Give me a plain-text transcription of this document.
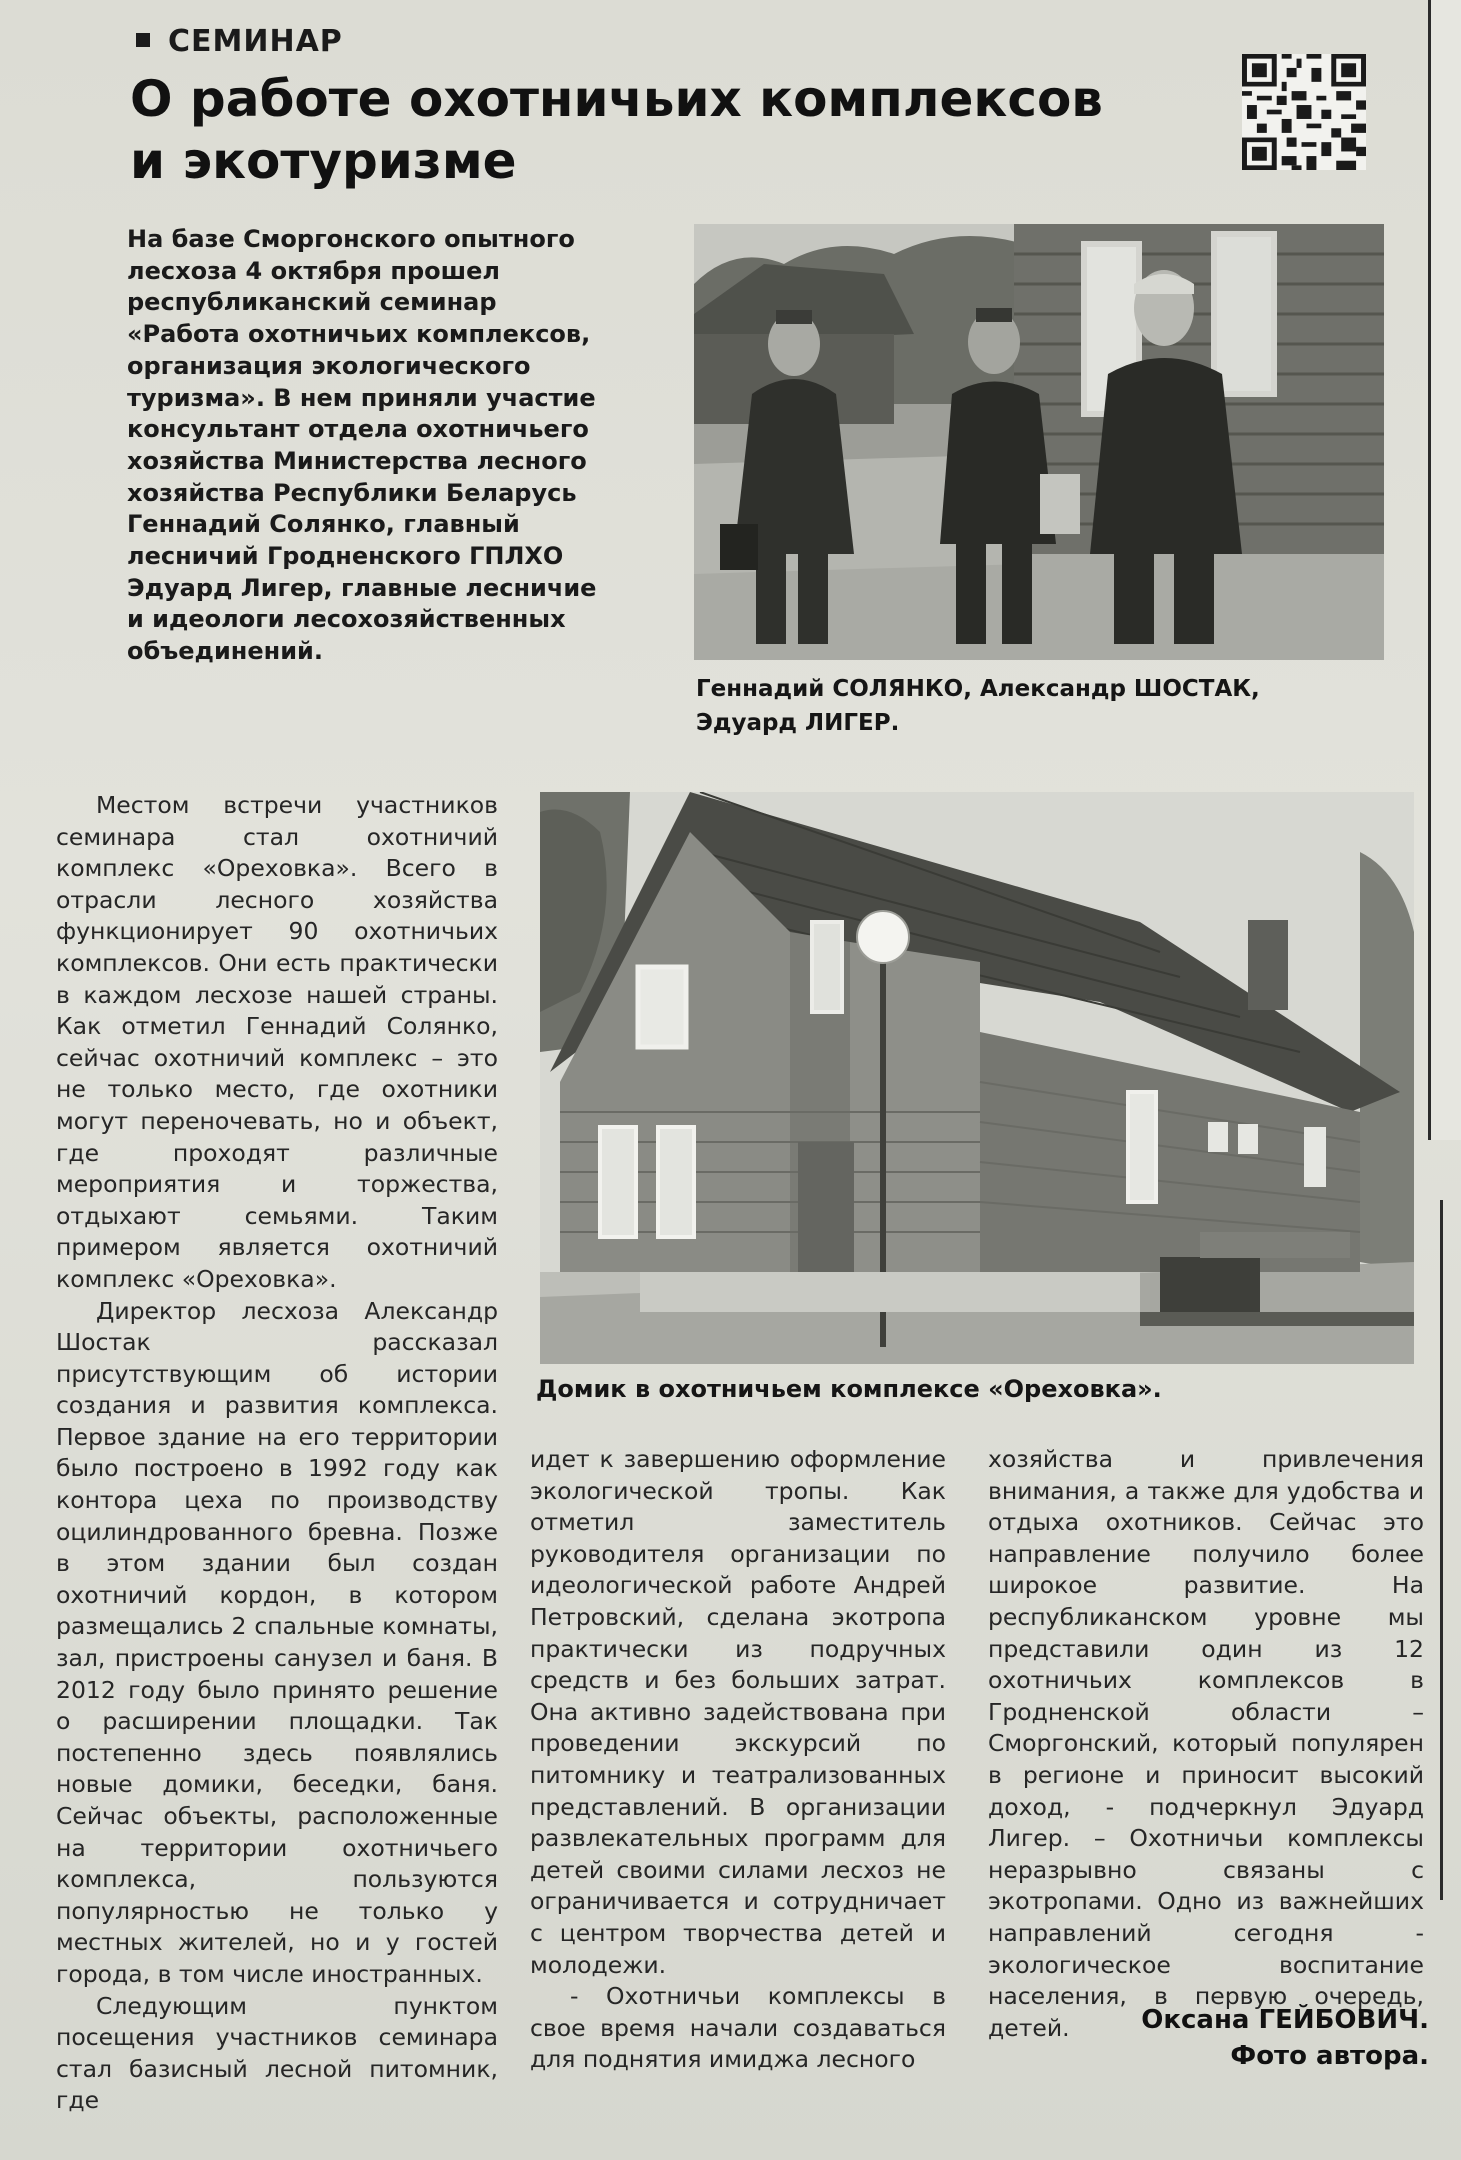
СЕМИНАР
О работе охотничьих комплексов
и экотуризме
На базе Сморгонского опытного лесхоза 4 октября прошел республиканский семинар «Работа охотничьих комплексов, организация экологического туризма». В нем приняли участие консультант отдела охотничьего хозяйства Министерства лесного хозяйства Республики Беларусь Геннадий Солянко, главный лесничий Гродненского ГПЛХО Эдуард Лигер, главные лесничие и идеологи лесохозяйственных объединений.
Геннадий СОЛЯНКО, Александр ШОСТАК, Эдуард ЛИГЕР.
Домик в охотничьем комплексе «Ореховка».

Местом встречи участников семинара стал охотничий комплекс «Ореховка». Всего в отрасли лесного хозяйства функционирует 90 охотничьих комплексов. Они есть практически в каждом лесхозе нашей страны. Как отметил Геннадий Солянко, сейчас охотничий комплекс – это не только место, где охотники могут переночевать, но и объект, где проходят различные мероприятия и торжества, отдыхают семьями. Таким примером является охотничий комплекс «Ореховка».

Директор лесхоза Александр Шостак рассказал присутствующим об истории создания и развития комплекса. Первое здание на его территории было построено в 1992 году как контора цеха по производству оцилиндрованного бревна. Позже в этом здании был создан охотничий кордон, в котором размещались 2 спальные комнаты, зал, пристроены санузел и баня. В 2012 году было принято решение о расширении площадки. Так постепенно здесь появлялись новые домики, беседки, баня. Сейчас объекты, расположенные на территории охотничьего комплекса, пользуются популярностью не только у местных жителей, но и у гостей города, в том числе иностранных.

Следующим пунктом посещения участников семинара стал базисный лесной питомник, где

идет к завершению оформление экологической тропы. Как отметил заместитель руководителя организации по идеологической работе Андрей Петровский, сделана экотропа практически из подручных средств и без больших затрат. Она активно задействована при проведении экскурсий по питомнику и театрализованных представлений. В организации развлекательных программ для детей своими силами лесхоз не ограничивается и сотрудничает с центром творчества детей и молодежи.

- Охотничьи комплексы в свое время начали создаваться для поднятия имиджа лесного

хозяйства и привлечения внимания, а также для удобства и отдыха охотников. Сейчас это направление получило более широкое развитие. На республиканском уровне мы представили один из 12 охотничьих комплексов в Гродненской области – Сморгонский, который популярен в регионе и приносит высокий доход, - подчеркнул Эдуард Лигер. – Охотничьи комплексы неразрывно связаны с экотропами. Одно из важнейших направлений сегодня - экологическое воспитание населения, в первую очередь, детей.	Оксана ГЕЙБОВИЧ.
Фото автора.
